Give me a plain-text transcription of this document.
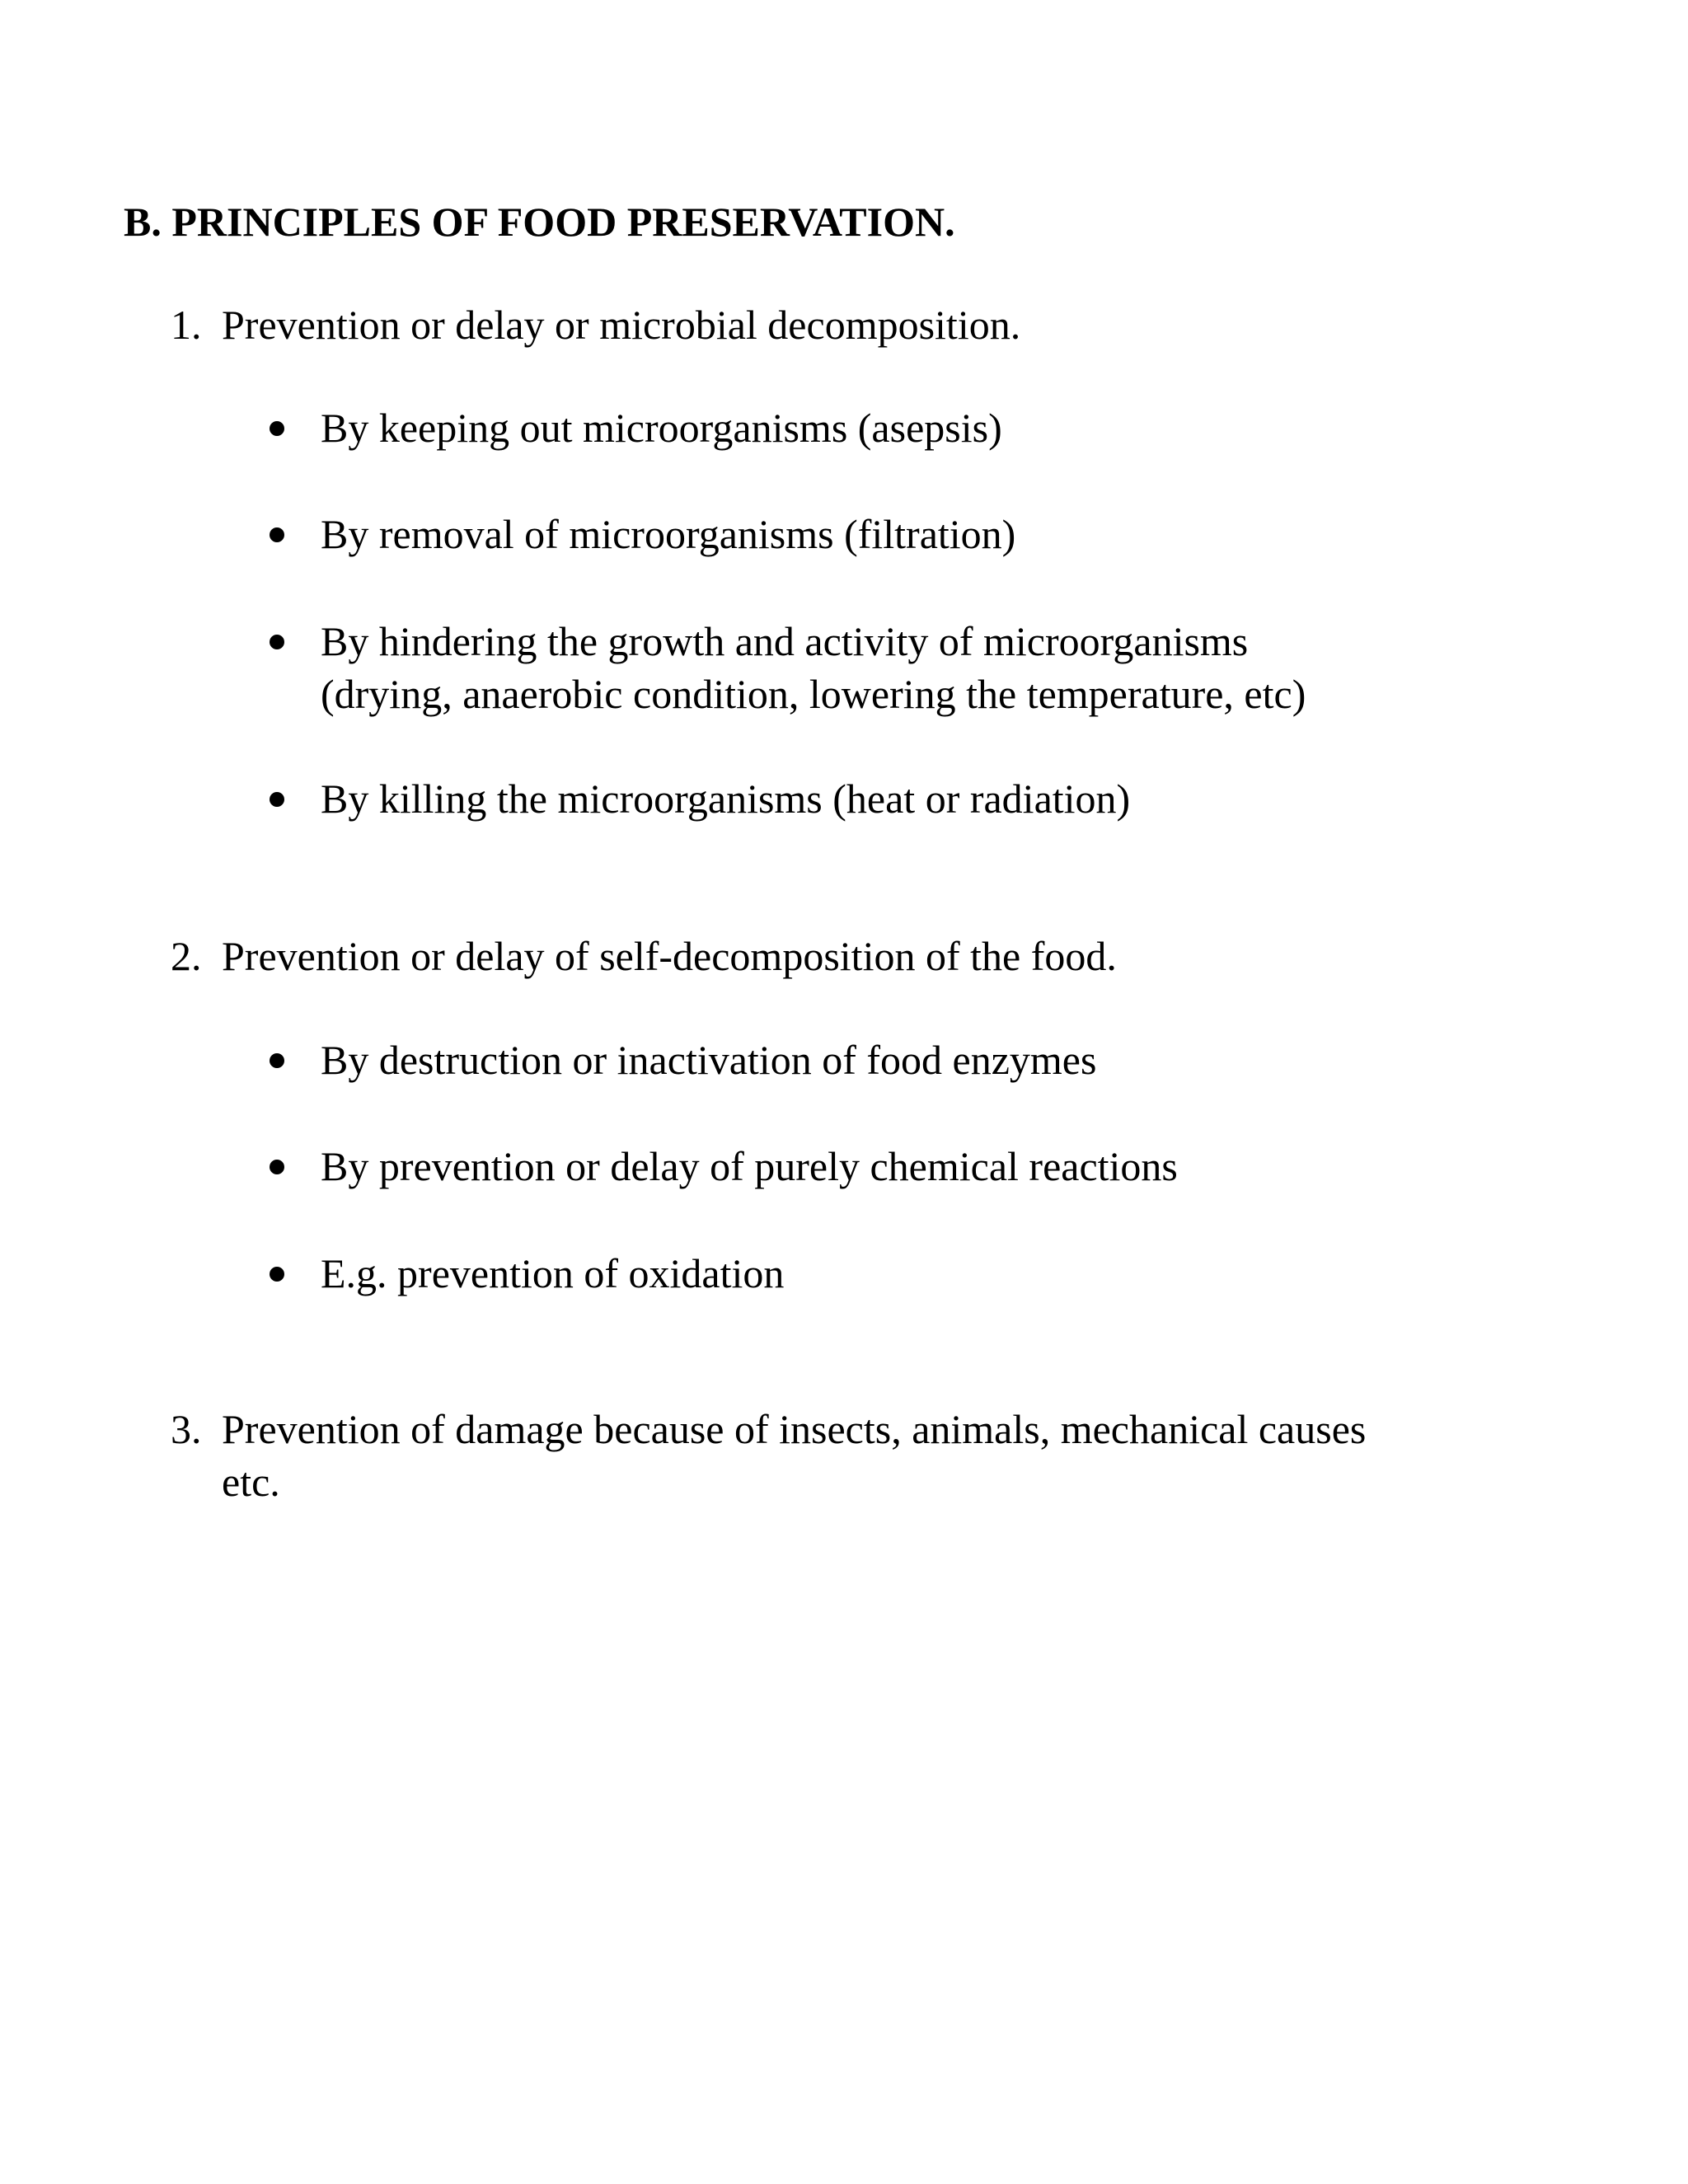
B. PRINCIPLES OF FOOD PRESERVATION.
1. Prevention or delay or microbial decomposition.
By keeping out microorganisms (asepsis)
By removal of microorganisms (filtration)
By hindering the growth and activity of microorganisms
(drying, anaerobic condition, lowering the temperature, etc)
By killing the microorganisms (heat or radiation)
2. Prevention or delay of self-decomposition of the food.
By destruction or inactivation of food enzymes
By prevention or delay of purely chemical reactions
E.g. prevention of oxidation
3. Prevention of damage because of insects, animals, mechanical causes
etc.
